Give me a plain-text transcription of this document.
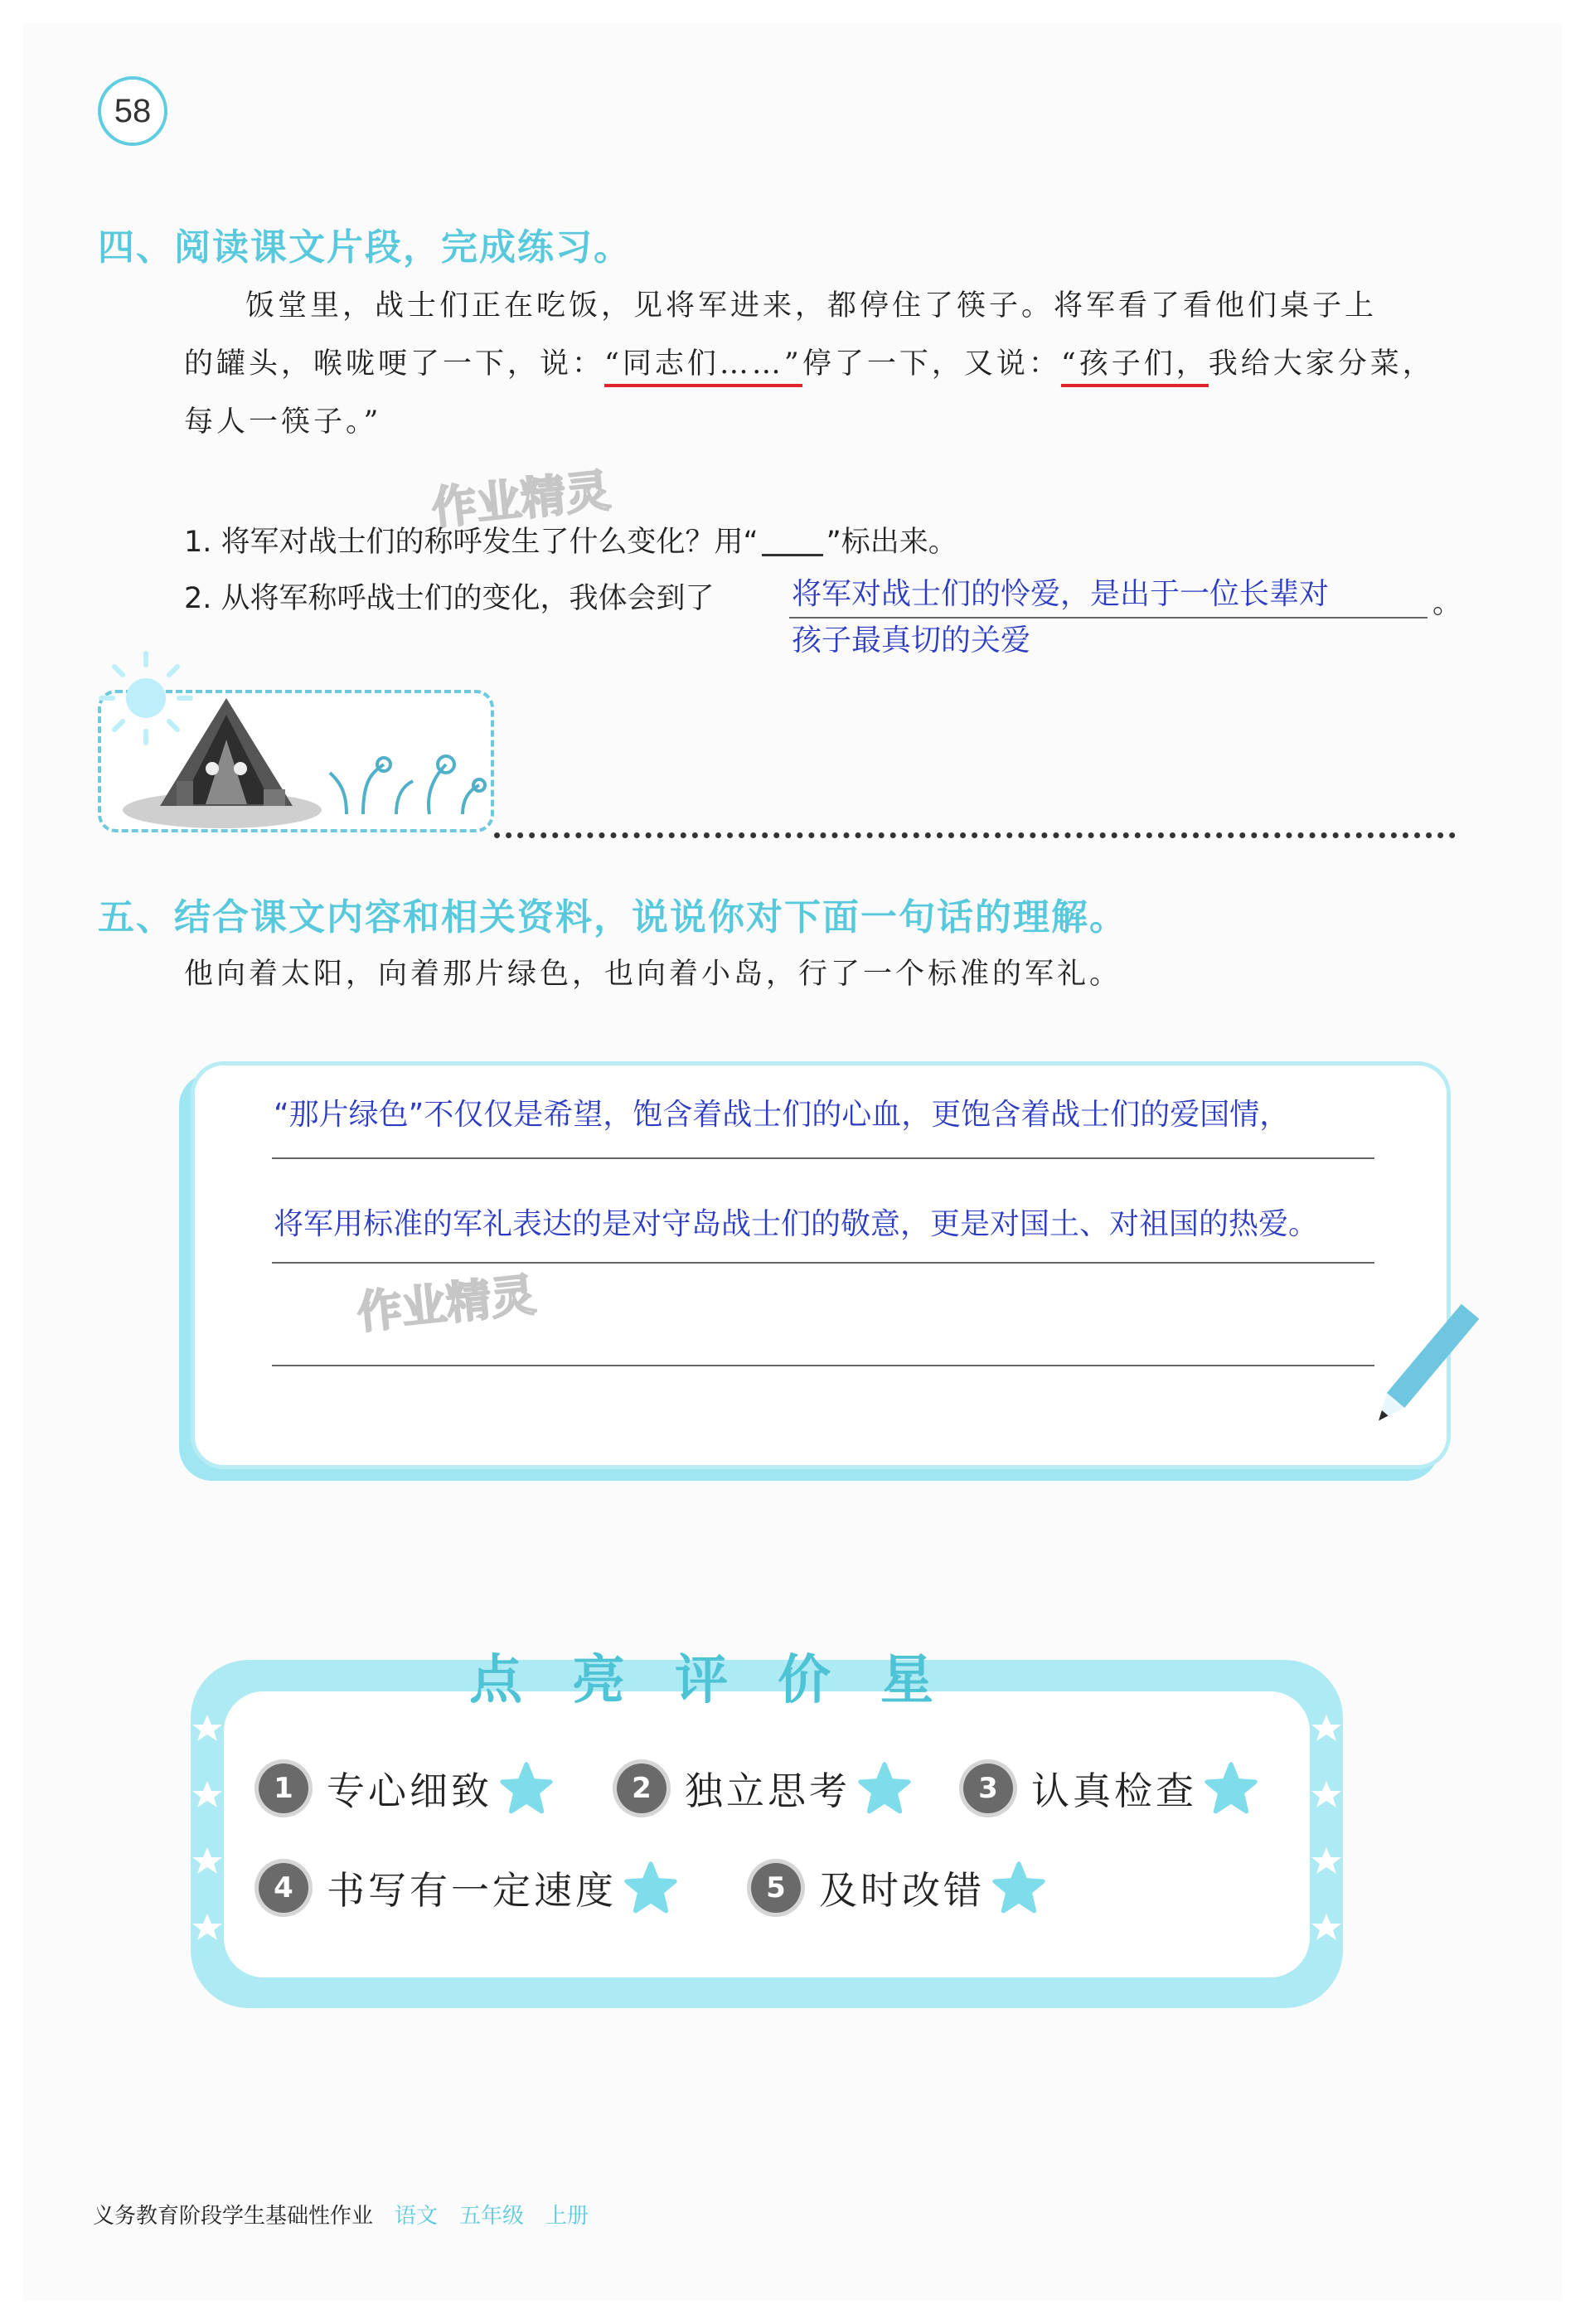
58
四、阅读课文片段，完成练习。
饭堂里，战士们正在吃饭，见将军进来，都停住了筷子。将军看了看他们桌子上
的罐头，喉咙哽了一下，说：“同志们……”停了一下，又说：“孩子们，我给大家分菜，
每人一筷子。”
作业精灵
1. 将军对战士们的称呼发生了什么变化？用“ ”标出来。
2. 从将军称呼战士们的变化，我体会到了	将军对战士们的怜爱，是出于一位长辈对	。
孩子最真切的关爱
五、结合课文内容和相关资料，说说你对下面一句话的理解。
他向着太阳，向着那片绿色，也向着小岛，行了一个标准的军礼。
“那片绿色”不仅仅是希望，饱含着战士们的心血，更饱含着战士们的爱国情，
将军用标准的军礼表达的是对守岛战士们的敬意，更是对国土、对祖国的热爱。
作业精灵
点亮评价星
1 专心细致	2 独立思考	3 认真检查
4 书写有一定速度	5 及时改错
义务教育阶段学生基础性作业 语文 五年级 上册
